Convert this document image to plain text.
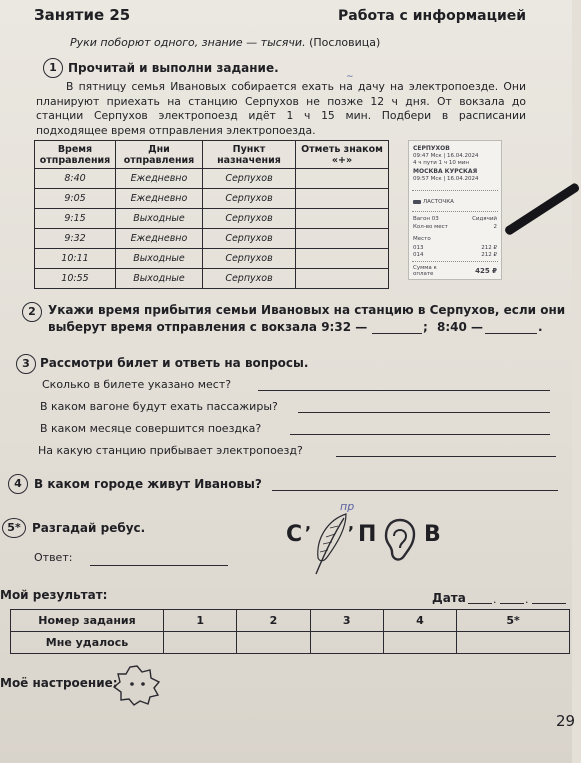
Занятие 25	Работа с информацией
Руки поборют одного, знание — тысячи. (Пословица)
1 Прочитай и выполни задание.
В пятницу семья Ивановых собирается ехать на дачу на электропоезде. Они планируют приехать на станцию Серпухов не позже 12 ч дня. От вокзала до станции Серпухов электропоезд идёт 1 ч 15 мин. Подбери в расписании подходящее время отправления электропоезда.
Время отправления	Дни отправления	Пункт назначения	Отметь знаком «+»
8:40	Ежедневно	Серпухов	
9:05	Ежедневно	Серпухов	
9:15	Выходные	Серпухов	
9:32	Ежедневно	Серпухов	
10:11	Выходные	Серпухов	
10:55	Выходные	Серпухов	
СЕРПУХОВ
09:47 Мск | 16.04.2024
4 ч пути 1 ч 10 мин
МОСКВА КУРСКАЯ
09:57 Мск | 16.04.2024
ЛАСТОЧКА
Вагон 03	Сидячий
Кол-во мест	2
Место
013	212 ₽
014	212 ₽
Сумма к оплате	425 ₽
~
2	Укажи время прибытия семьи Ивановых на станцию в Серпухов, если они
выберут время отправления с вокзала 9:32 —	; 8:40 —	.
3 Рассмотри билет и ответь на вопросы.
Сколько в билете указано мест?
В каком вагоне будут ехать пассажиры?
В каком месяце совершится поездка?
На какую станцию прибывает электропоезд?
4	В каком городе живут Ивановы?
5* Разгадай ребус.
Ответ:
С , , П В
пр
Мой результат:	Дата .	.
Номер задания	1	2	3	4	5*
Мне удалось					
Моё настроение:
29
